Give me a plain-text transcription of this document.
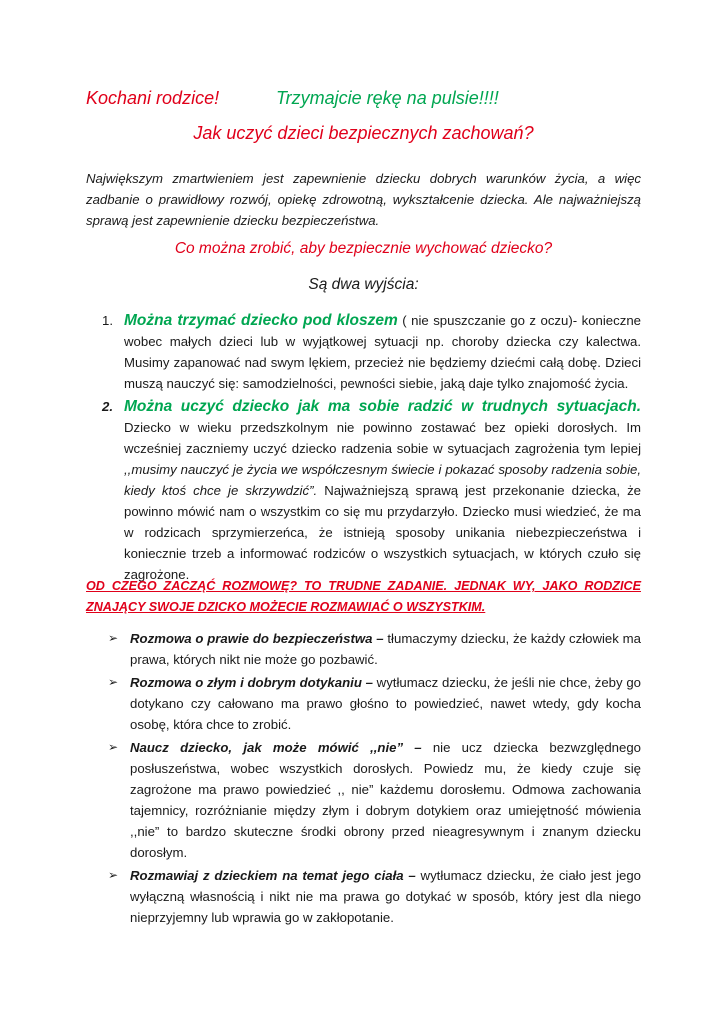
Kochani rodzice!	Trzymajcie rękę na pulsie!!!!
Jak uczyć dzieci bezpiecznych zachowań?
Największym zmartwieniem jest zapewnienie dziecku dobrych warunków życia, a więc zadbanie o prawidłowy rozwój, opiekę zdrowotną, wykształcenie dziecka. Ale najważniejszą sprawą jest zapewnienie dziecku bezpieczeństwa.
Co można zrobić, aby bezpiecznie wychować dziecko?
Są dwa wyjścia:
1. Można trzymać dziecko pod kloszem ( nie spuszczanie go z oczu)- konieczne wobec małych dzieci lub w wyjątkowej sytuacji np. choroby dziecka czy kalectwa. Musimy zapanować nad swym lękiem, przecież nie będziemy dziećmi całą dobę. Dzieci muszą nauczyć się: samodzielności, pewności siebie, jaką daje tylko znajomość życia.
2. Można uczyć dziecko jak ma sobie radzić w trudnych sytuacjach. Dziecko w wieku przedszkolnym nie powinno zostawać bez opieki dorosłych. Im wcześniej zaczniemy uczyć dziecko radzenia sobie w sytuacjach zagrożenia tym lepiej ,,musimy nauczyć je życia we współczesnym świecie i pokazać sposoby radzenia sobie, kiedy ktoś chce je skrzywdzić”. Najważniejszą sprawą jest przekonanie dziecka, że powinno mówić nam o wszystkim co się mu przydarzyło. Dziecko musi wiedzieć, że ma w rodzicach sprzymierzeńca, że istnieją sposoby unikania niebezpieczeństwa i koniecznie trzeb a informować rodziców o wszystkich sytuacjach, w których czuło się zagrożone.
OD CZEGO ZACZĄĆ ROZMOWĘ? TO TRUDNE ZADANIE. JEDNAK WY, JAKO RODZICE ZNAJĄCY SWOJE DZICKO MOŻECIE ROZMAWIAĆ O WSZYSTKIM.
➢ Rozmowa o prawie do bezpieczeństwa – tłumaczymy dziecku, że każdy człowiek ma prawa, których nikt nie może go pozbawić.
➢ Rozmowa o złym i dobrym dotykaniu – wytłumacz dziecku, że jeśli nie chce, żeby go dotykano czy całowano ma prawo głośno to powiedzieć, nawet wtedy, gdy kocha osobę, która chce to zrobić.
➢ Naucz dziecko, jak może mówić ,,nie” – nie ucz dziecka bezwzględnego posłuszeństwa, wobec wszystkich dorosłych. Powiedz mu, że kiedy czuje się zagrożone ma prawo powiedzieć ,, nie” każdemu dorosłemu. Odmowa zachowania tajemnicy, rozróżnianie między złym i dobrym dotykiem oraz umiejętność mówienia ,,nie” to bardzo skuteczne środki obrony przed nieagresywnym i znanym dziecku dorosłym.
➢ Rozmawiaj z dzieckiem na temat jego ciała – wytłumacz dziecku, że ciało jest jego wyłączną własnością i nikt nie ma prawa go dotykać w sposób, który jest dla niego nieprzyjemny lub wprawia go w zakłopotanie.
